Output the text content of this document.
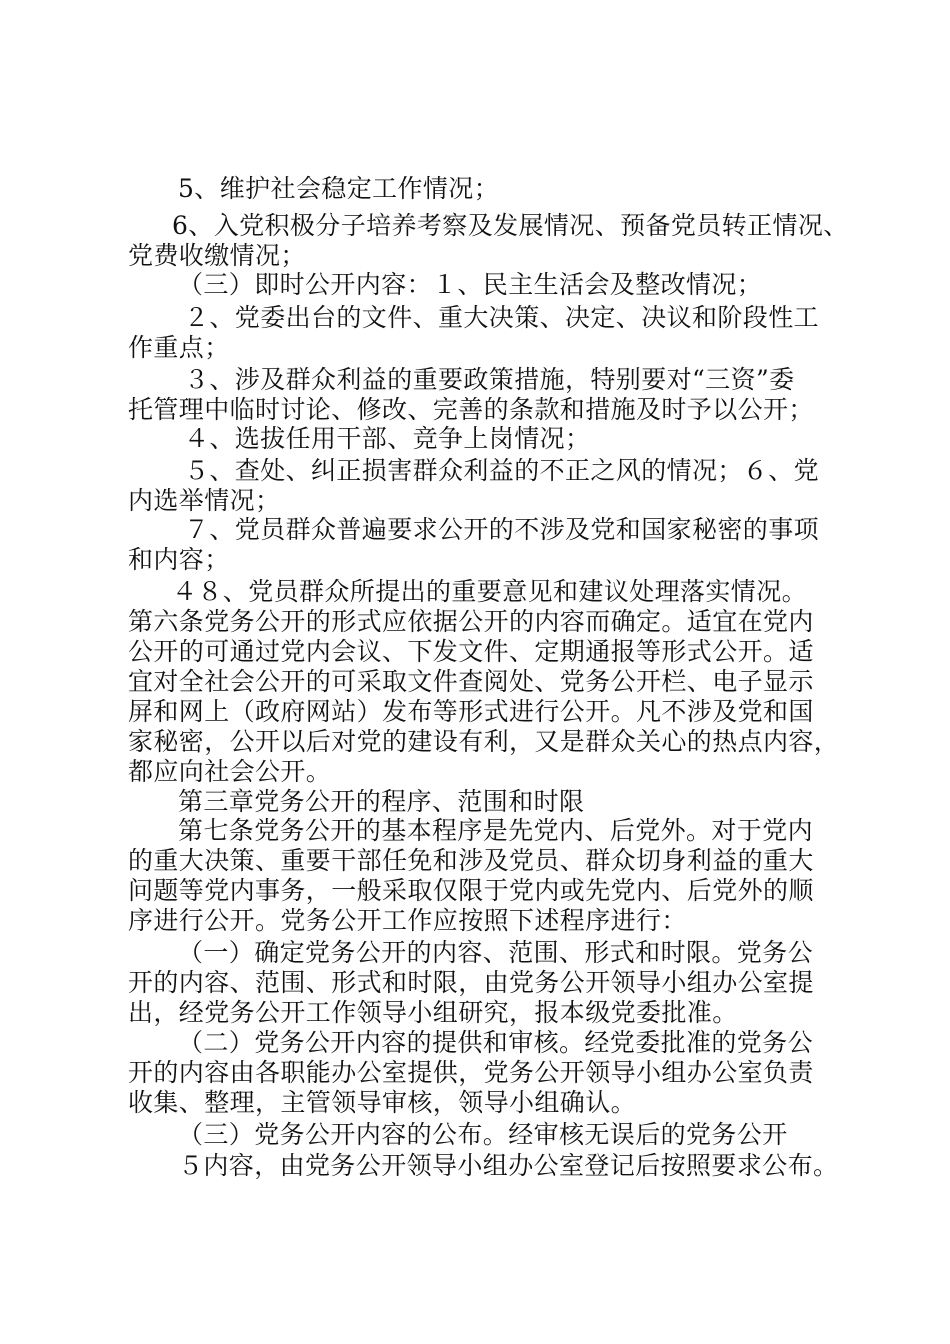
5、维护社会稳定工作情况；
6、入党积极分子培养考察及发展情况、预备党员转正情况、
党费收缴情况；
（三）即时公开内容：１、民主生活会及整改情况；
２、党委出台的文件、重大决策、决定、决议和阶段性工
作重点；
３、涉及群众利益的重要政策措施，特别要对“三资”委
托管理中临时讨论、修改、完善的条款和措施及时予以公开；
４、选拔任用干部、竞争上岗情况；
５、查处、纠正损害群众利益的不正之风的情况；６、党
内选举情况；
７、党员群众普遍要求公开的不涉及党和国家秘密的事项
和内容；
４８、党员群众所提出的重要意见和建议处理落实情况。
第六条党务公开的形式应依据公开的内容而确定。适宜在党内
公开的可通过党内会议、下发文件、定期通报等形式公开。适
宜对全社会公开的可采取文件查阅处、党务公开栏、电子显示
屏和网上（政府网站）发布等形式进行公开。凡不涉及党和国
家秘密，公开以后对党的建设有利，又是群众关心的热点内容，
都应向社会公开。
第三章党务公开的程序、范围和时限
第七条党务公开的基本程序是先党内、后党外。对于党内
的重大决策、重要干部任免和涉及党员、群众切身利益的重大
问题等党内事务，一般采取仅限于党内或先党内、后党外的顺
序进行公开。党务公开工作应按照下述程序进行：
（一）确定党务公开的内容、范围、形式和时限。党务公
开的内容、范围、形式和时限，由党务公开领导小组办公室提
出，经党务公开工作领导小组研究，报本级党委批准。
（二）党务公开内容的提供和审核。经党委批准的党务公
开的内容由各职能办公室提供，党务公开领导小组办公室负责
收集、整理，主管领导审核，领导小组确认。
（三）党务公开内容的公布。经审核无误后的党务公开
５内容，由党务公开领导小组办公室登记后按照要求公布。
